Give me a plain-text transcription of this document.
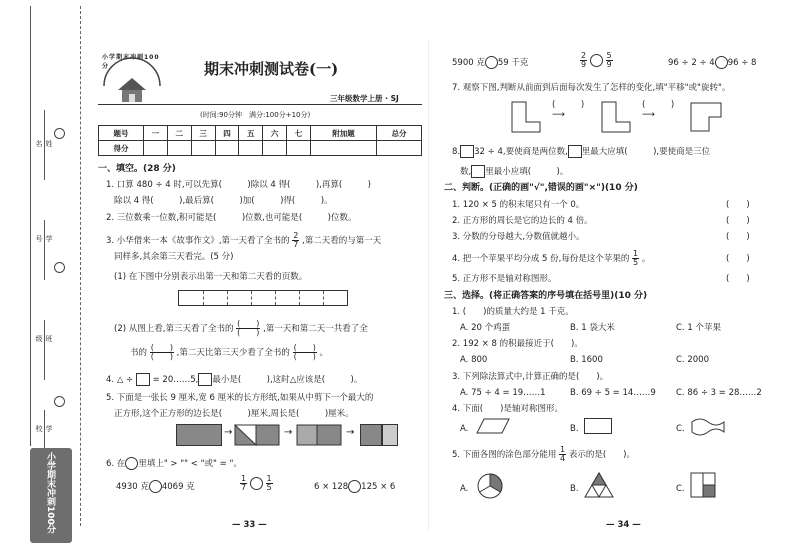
姓名
学号
班级
学校
小学期末冲刺100分
小学期末冲刺100分	期末冲刺测试卷(一)
三年级数学上册 · SJ
(时间:90分钟　满分:100分+10分)
题号	一	二	三	四	五	六	七	附加题	总分
得分									
一、填空。(28 分)
1. 口算 480 ÷ 4 时,可以先算(　　　)除以 4 得(　　　),再算(　　　)
除以 4 得(　　　),最后算(　　　)加(　　　)得(　　　)。
2. 三位数乘一位数,积可能是(　　　)位数,也可能是(　　　)位数。
3. 小华借来一本《故事作文》,第一天看了全书的 $\frac{2}{7}$ ,第二天看的与第一天
同样多,其余第三天看完。(5 分)
(1) 在下图中分别表示出第一天和第二天看的页数。
(2) 从图上看,第三天看了全书的 $\frac{( )}{( )}$ ,第一天和第二天一共看了全
书的 $\frac{( )}{( )}$ ,第二天比第三天少看了全书的 $\frac{( )}{( )}$ 。
4. △ ÷  = 20……5, 最小是(　　　),这时△应该是(　　　)。
5. 下面是一张长 9 厘米,宽 6 厘米的长方形纸,如果从中剪下一个最大的
正方形,这个正方形的边长是(　　　)厘米,周长是(　　　)厘米。
→	→	→
6. 在 里填上" > "" < "或" = "。
4930 克 4069 克	$\frac{1}{7}$
$\frac{1}{5}$	6 × 128 125 × 6
— 33 —
5900 克 59 千克	$\frac{2}{9}$
$\frac{5}{9}$	96 ÷ 2 ÷ 4 96 ÷ 8
7. 观察下图,判断从前面到后面每次发生了怎样的变化,填"平移"或"旋转"。
(　　　)
⟶
(　　　)
⟶
8. 32 ÷ 4,要使商是两位数, 里最大应填(　　　),要使商是三位
数, 里最小应填(　　　)。
二、判断。(正确的画"√",错误的画"×")(10 分)
1. 120 × 5 的积末尾只有一个 0。	(　　)
2. 正方形的周长是它的边长的 4 倍。	(　　)
3. 分数的分母越大,分数值就越小。	(　　)
4. 把一个苹果平均分成 5 份,每份是这个苹果的 $\frac{1}{5}$ 。	(　　)
5. 正方形不是轴对称图形。	(　　)
三、选择。(将正确答案的序号填在括号里)(10 分)
1. (　　)的质量大约是 1 千克。
A. 20 个鸡蛋	B. 1 袋大米	C. 1 个苹果
2. 192 × 8 的积最接近于(　　)。
A. 800	B. 1600	C. 2000
3. 下列除法算式中,计算正确的是(　　)。
A. 75 ÷ 4 = 19……1	B. 69 ÷ 5 = 14……9 C. 86 ÷ 3 = 28……2
4. 下面(　　)是轴对称图形。
A.	B.	C.
5. 下面各图的涂色部分能用 $\frac{1}{4}$ 表示的是(　　)。
A.	B.	C.
— 34 —
